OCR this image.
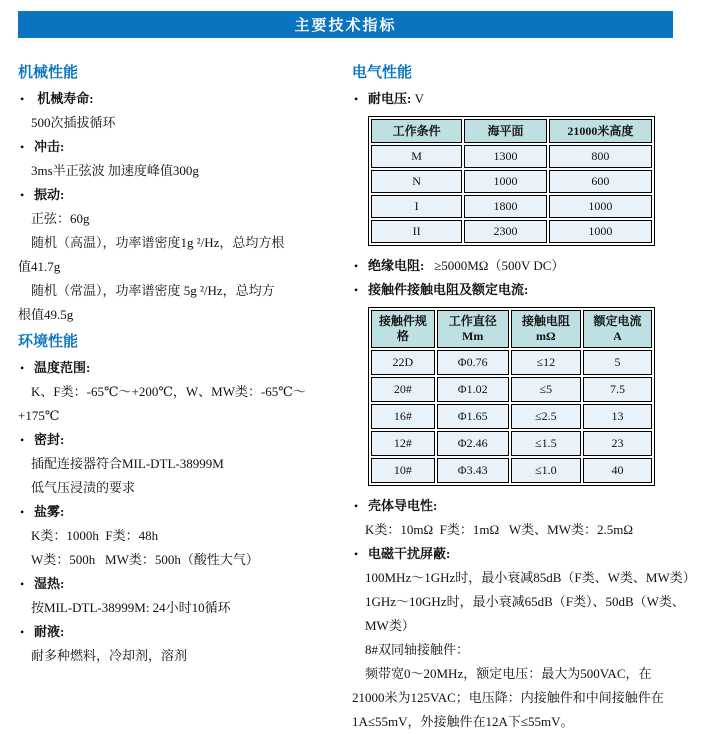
主要技术指标
机械性能
•  机械寿命:
500次插拔循环
• 冲击:
3ms半正弦波 加速度峰值300g
• 振动:
正弦：60g
随机（高温），功率谱密度1g ²/Hz，总均方根
值41.7g
随机（常温），功率谱密度 5g ²/Hz，总均方
根值49.5g
环境性能
• 温度范围:
K、F类：-65℃～+200℃，W、MW类：-65℃～
+175℃
• 密封:
插配连接器符合MIL-DTL-38999M
低气压浸渍的要求
• 盐雾:
K类：1000h  F类：48h
W类：500h   MW类：500h（酸性大气）
• 湿热:
按MIL-DTL-38999M: 24小时10循环
• 耐液:
耐多种燃料，冷却剂，溶剂
电气性能
• 耐电压: V
工作条件	海平面	21000米高度
M	1300	800
N	1000	600
I	1800	1000
II	2300	1000
• 绝缘电阻:   ≥5000MΩ（500V DC）
• 接触件接触电阻及额定电流:
接触件规格

工作直径
Mm

接触电阻
mΩ

额定电流
A

22D	Φ0.76	≤12	5
20#	Φ1.02	≤5	7.5
16#	Φ1.65	≤2.5	13
12#	Φ2.46	≤1.5	23
10#	Φ3.43	≤1.0	40
• 壳体导电性:
K类：10mΩ  F类：1mΩ   W类、MW类：2.5mΩ
• 电磁干扰屏蔽:
100MHz～1GHz时，最小衰减85dB（F类、W类、MW类）
1GHz～10GHz时，最小衰减65dB（F类）、50dB（W类、
MW类）
8#双同轴接触件：
频带宽0～20MHz，额定电压：最大为500VAC，在
21000米为125VAC；电压降：内接触件和中间接触件在
1A≤55mV，外接触件在12A下≤55mV。
